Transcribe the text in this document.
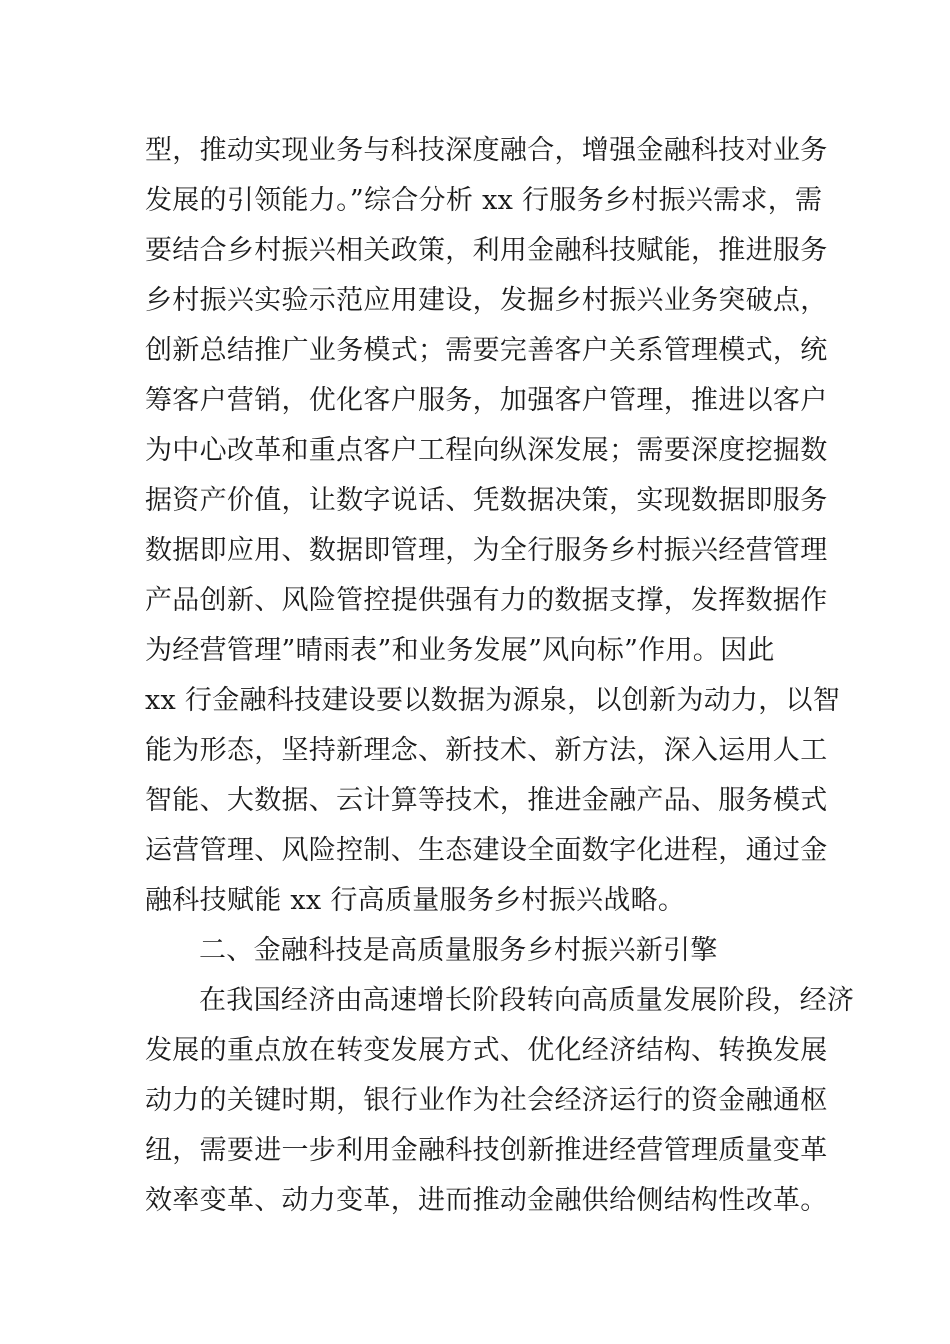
型，推动实现业务与科技深度融合，增强金融科技对业务
发展的引领能力。”综合分析 xx 行服务乡村振兴需求，需
要结合乡村振兴相关政策，利用金融科技赋能，推进服务
乡村振兴实验示范应用建设，发掘乡村振兴业务突破点，
创新总结推广业务模式；需要完善客户关系管理模式，统
筹客户营销，优化客户服务，加强客户管理，推进以客户
为中心改革和重点客户工程向纵深发展；需要深度挖掘数
据资产价值，让数字说话、凭数据决策，实现数据即服务
数据即应用、数据即管理，为全行服务乡村振兴经营管理
产品创新、风险管控提供强有力的数据支撑，发挥数据作
为经营管理”晴雨表”和业务发展”风向标”作用。因此
xx 行金融科技建设要以数据为源泉，以创新为动力，以智
能为形态，坚持新理念、新技术、新方法，深入运用人工
智能、大数据、云计算等技术，推进金融产品、服务模式
运营管理、风险控制、生态建设全面数字化进程，通过金
融科技赋能 xx 行高质量服务乡村振兴战略。
二、金融科技是高质量服务乡村振兴新引擎
在我国经济由高速增长阶段转向高质量发展阶段，经济
发展的重点放在转变发展方式、优化经济结构、转换发展
动力的关键时期，银行业作为社会经济运行的资金融通枢
纽，需要进一步利用金融科技创新推进经营管理质量变革
效率变革、动力变革，进而推动金融供给侧结构性改革。
